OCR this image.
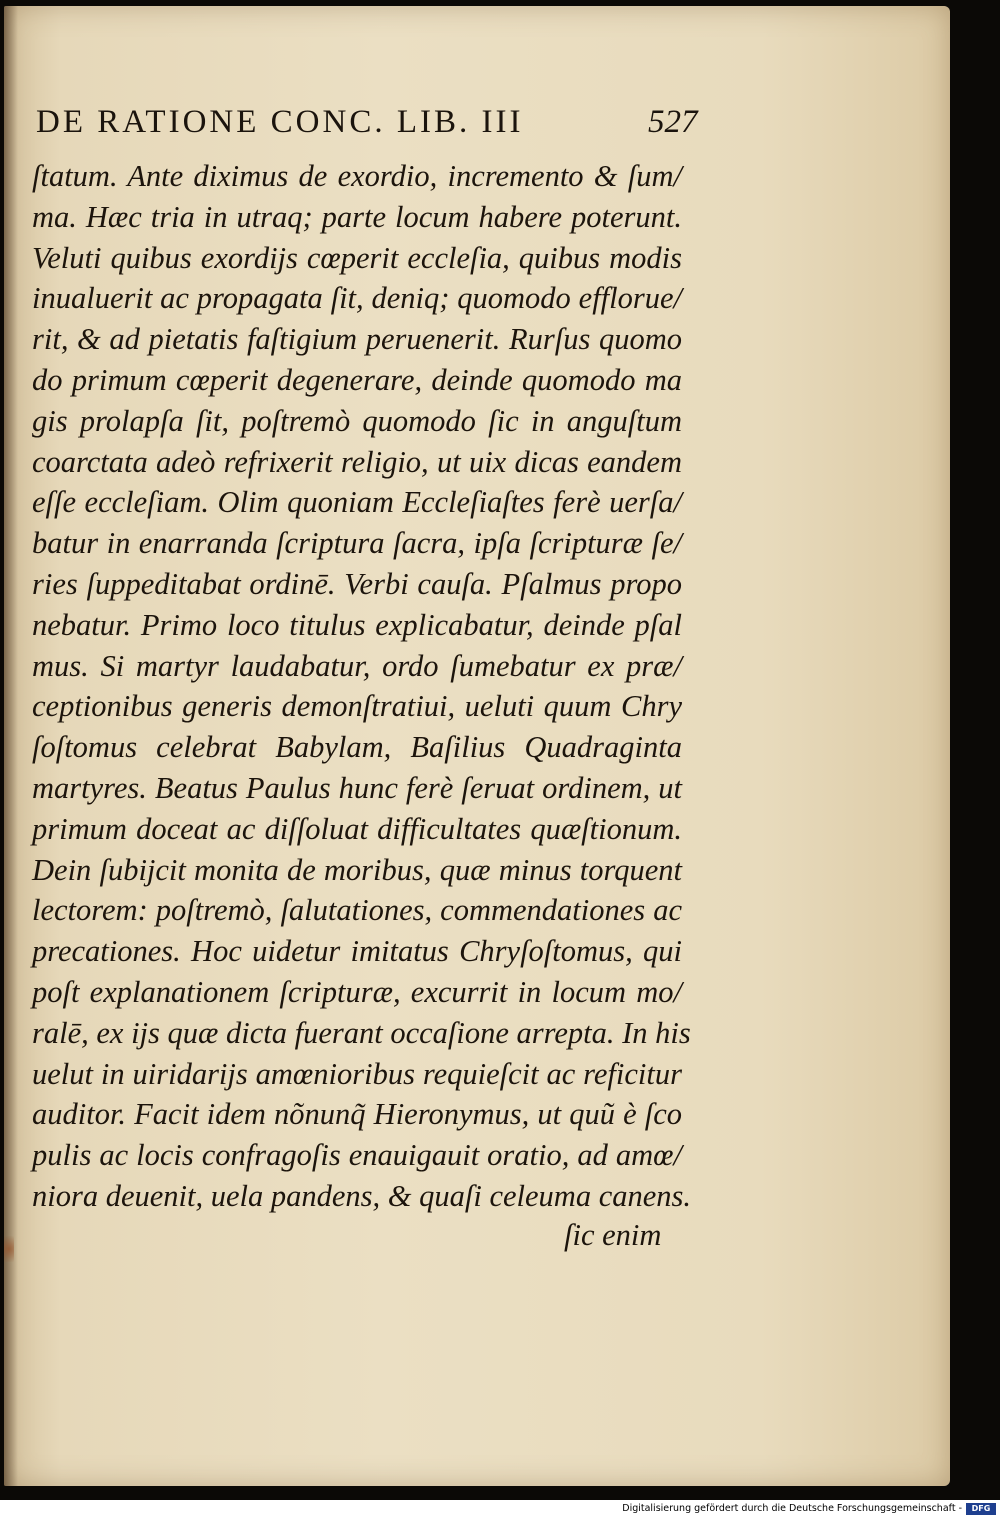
DE RATIONE CONC. LIB. III	527
ſtatum. Ante diximus de exordio, incremento & ſum/
ma. Hæc tria in utraq; parte locum habere poterunt.
Veluti quibus exordijs cœperit eccleſia, quibus modis
inualuerit ac propagata ſit, deniq; quomodo efflorue/
rit, & ad pietatis faſtigium peruenerit. Rurſus quomo
do primum cœperit degenerare, deinde quomodo ma
gis prolapſa ſit, poſtremò quomodo ſic in anguſtum
coarctata adeò refrixerit religio, ut uix dicas eandem
eſſe eccleſiam. Olim quoniam Eccleſiaſtes ferè uerſa/
batur in enarranda ſcriptura ſacra, ipſa ſcripturæ ſe/
ries ſuppeditabat ordinē. Verbi cauſa. Pſalmus propo
nebatur. Primo loco titulus explicabatur, deinde pſal
mus. Si martyr laudabatur, ordo ſumebatur ex præ/
ceptionibus generis demonſtratiui, ueluti quum Chry
ſoſtomus celebrat Babylam, Baſilius Quadraginta
martyres. Beatus Paulus hunc ferè ſeruat ordinem, ut
primum doceat ac diſſoluat difficultates quæſtionum.
Dein ſubijcit monita de moribus, quæ minus torquent
lectorem: poſtremò, ſalutationes, commendationes ac
precationes. Hoc uidetur imitatus Chryſoſtomus, qui
poſt explanationem ſcripturæ, excurrit in locum mo/
ralē, ex ijs quæ dicta fuerant occaſione arrepta. In his
uelut in uiridarijs amœnioribus requieſcit ac reficitur
auditor. Facit idem nõnunq̃ Hieronymus, ut quũ è ſco
pulis ac locis confragoſis enauigauit oratio, ad amœ/
niora deuenit, uela pandens, & quaſi celeuma canens.
ſic enim
Digitalisierung gefördert durch die Deutsche Forschungsgemeinschaft -	DFG
